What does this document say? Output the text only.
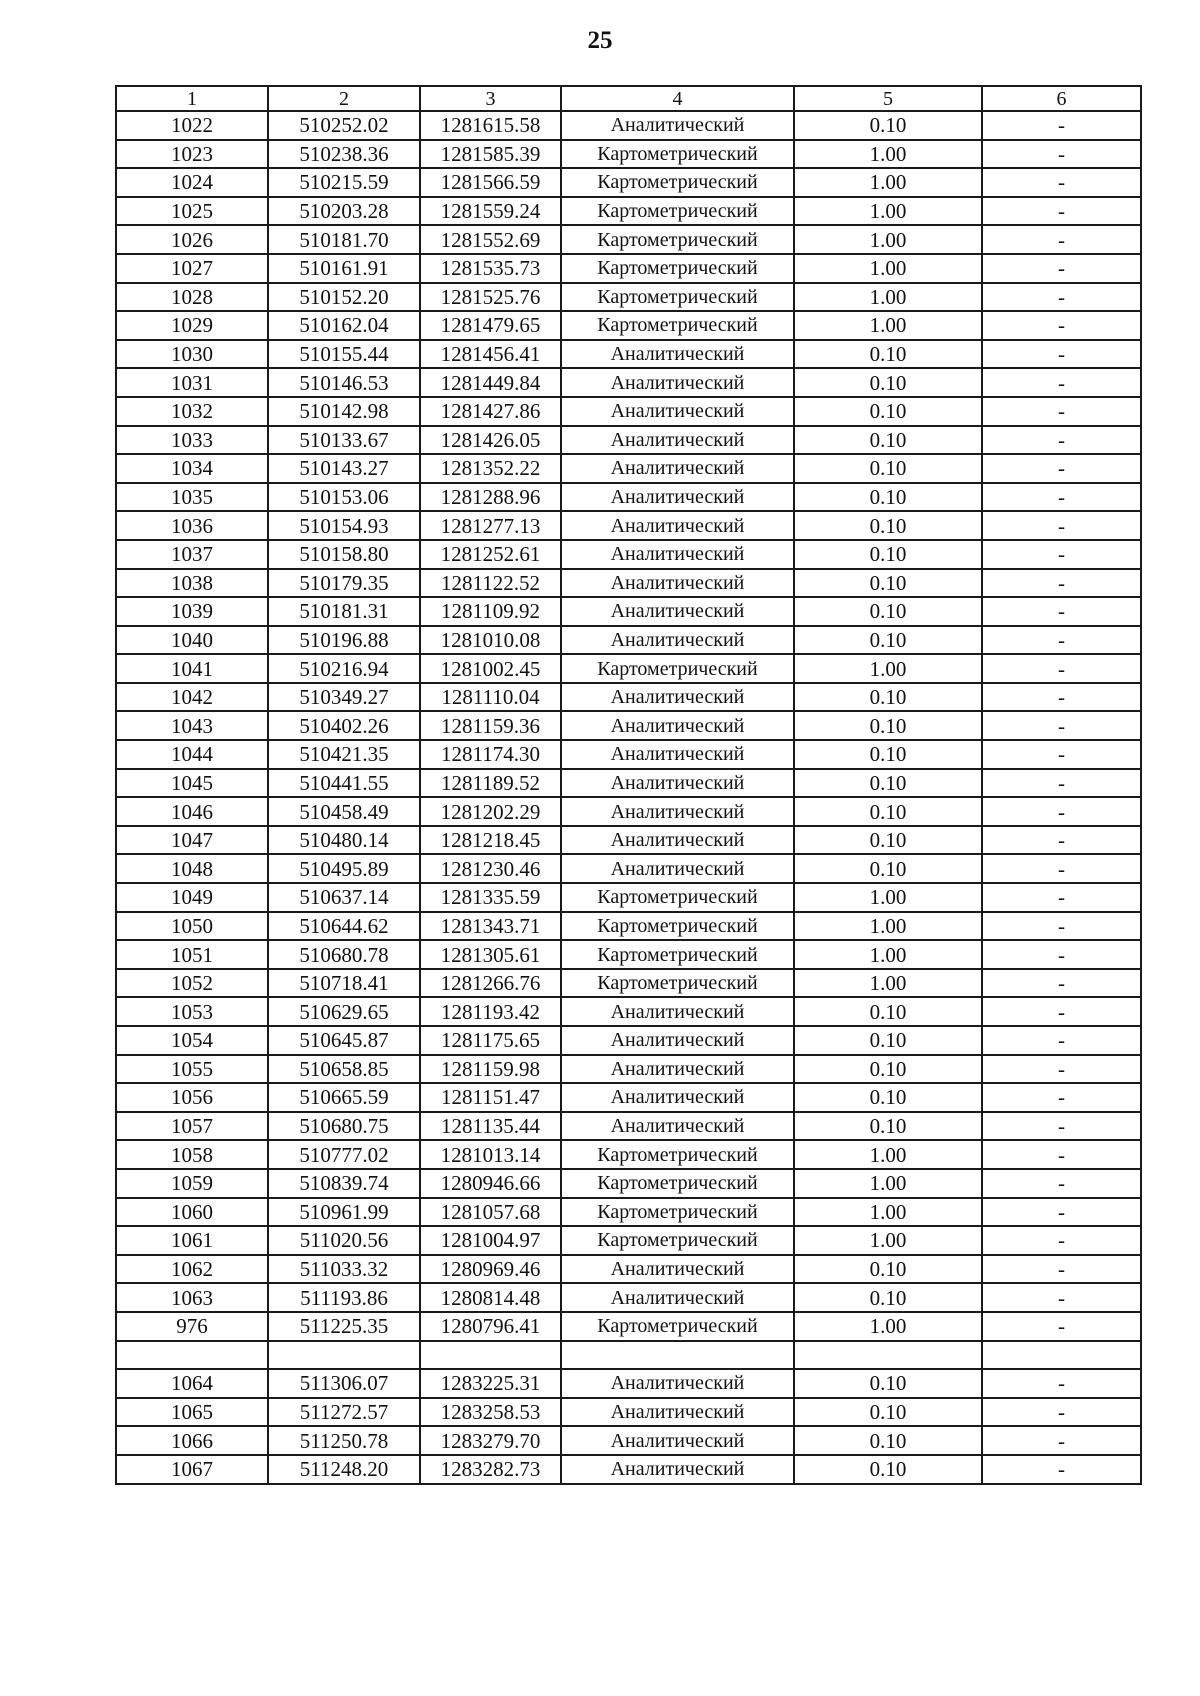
25
1	2	3	4	5	6
1022	510252.02	1281615.58	Аналитический	0.10	-
1023	510238.36	1281585.39	Картометрический	1.00	-
1024	510215.59	1281566.59	Картометрический	1.00	-
1025	510203.28	1281559.24	Картометрический	1.00	-
1026	510181.70	1281552.69	Картометрический	1.00	-
1027	510161.91	1281535.73	Картометрический	1.00	-
1028	510152.20	1281525.76	Картометрический	1.00	-
1029	510162.04	1281479.65	Картометрический	1.00	-
1030	510155.44	1281456.41	Аналитический	0.10	-
1031	510146.53	1281449.84	Аналитический	0.10	-
1032	510142.98	1281427.86	Аналитический	0.10	-
1033	510133.67	1281426.05	Аналитический	0.10	-
1034	510143.27	1281352.22	Аналитический	0.10	-
1035	510153.06	1281288.96	Аналитический	0.10	-
1036	510154.93	1281277.13	Аналитический	0.10	-
1037	510158.80	1281252.61	Аналитический	0.10	-
1038	510179.35	1281122.52	Аналитический	0.10	-
1039	510181.31	1281109.92	Аналитический	0.10	-
1040	510196.88	1281010.08	Аналитический	0.10	-
1041	510216.94	1281002.45	Картометрический	1.00	-
1042	510349.27	1281110.04	Аналитический	0.10	-
1043	510402.26	1281159.36	Аналитический	0.10	-
1044	510421.35	1281174.30	Аналитический	0.10	-
1045	510441.55	1281189.52	Аналитический	0.10	-
1046	510458.49	1281202.29	Аналитический	0.10	-
1047	510480.14	1281218.45	Аналитический	0.10	-
1048	510495.89	1281230.46	Аналитический	0.10	-
1049	510637.14	1281335.59	Картометрический	1.00	-
1050	510644.62	1281343.71	Картометрический	1.00	-
1051	510680.78	1281305.61	Картометрический	1.00	-
1052	510718.41	1281266.76	Картометрический	1.00	-
1053	510629.65	1281193.42	Аналитический	0.10	-
1054	510645.87	1281175.65	Аналитический	0.10	-
1055	510658.85	1281159.98	Аналитический	0.10	-
1056	510665.59	1281151.47	Аналитический	0.10	-
1057	510680.75	1281135.44	Аналитический	0.10	-
1058	510777.02	1281013.14	Картометрический	1.00	-
1059	510839.74	1280946.66	Картометрический	1.00	-
1060	510961.99	1281057.68	Картометрический	1.00	-
1061	511020.56	1281004.97	Картометрический	1.00	-
1062	511033.32	1280969.46	Аналитический	0.10	-
1063	511193.86	1280814.48	Аналитический	0.10	-
976	511225.35	1280796.41	Картометрический	1.00	-

1064	511306.07	1283225.31	Аналитический	0.10	-
1065	511272.57	1283258.53	Аналитический	0.10	-
1066	511250.78	1283279.70	Аналитический	0.10	-
1067	511248.20	1283282.73	Аналитический	0.10	-
